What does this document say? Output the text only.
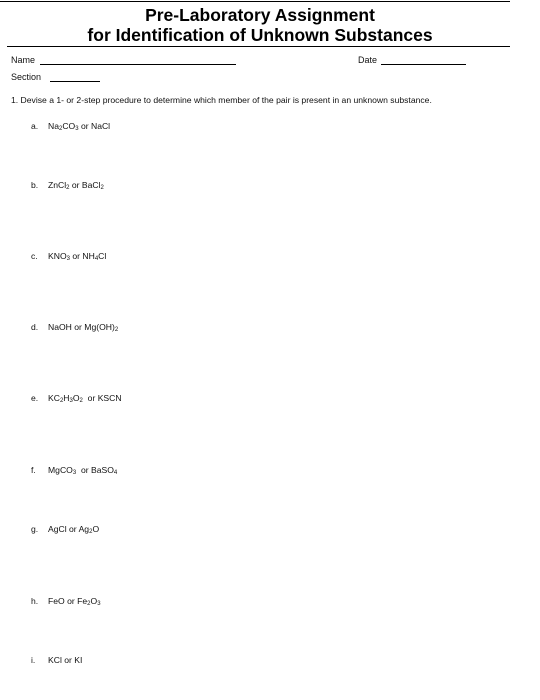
Pre-Laboratory Assignment
for Identification of Unknown Substances
Name	Date
Section
1. Devise a 1- or 2-step procedure to determine which member of the pair is present in an unknown substance.
a. $Na_2CO_3$ or NaCl
b. ZnCl$_2$ or BaCl$_2$
c. $KNO_3$ or $NH_4Cl$
d. NaOH or $Mg(OH)_2$
e. $KC_2H_3O_2$  or KSCN
f. MgCO$_3$  or BaSO$_4$
g. AgCl or $Ag_2O$
h. FeO or $Fe_2O_3$
i. KCl or KI
